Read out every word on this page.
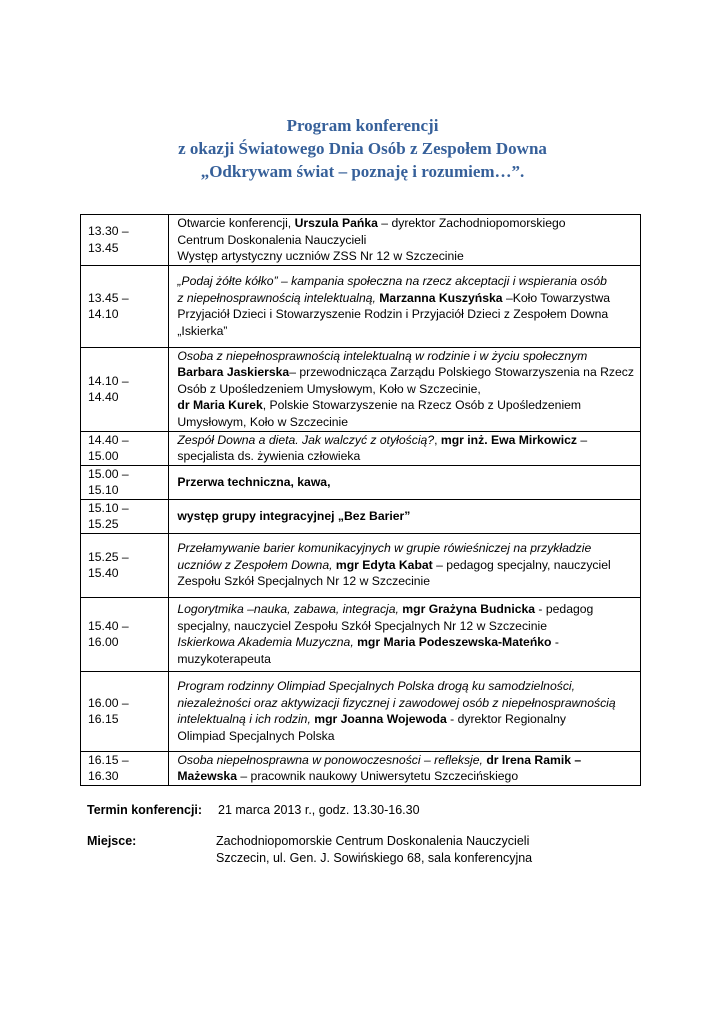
Program konferencji
z okazji Światowego Dnia Osób z Zespołem Downa
„Odkrywam świat – poznaję i rozumiem…”.
13.30 – 13.45	Otwarcie konferencji, Urszula Pańka – dyrektor Zachodniopomorskiego
Centrum Doskonalenia Nauczycieli
Występ artystyczny uczniów ZSS Nr 12 w Szczecinie

13.45 – 14.10	„Podaj żółte kółko” – kampania społeczna na rzecz akceptacji i wspierania osób
z niepełnosprawnością intelektualną, Marzanna Kuszyńska –Koło Towarzystwa
Przyjaciół Dzieci i Stowarzyszenie Rodzin i Przyjaciół Dzieci z Zespołem Downa
„Iskierka”

14.10 – 14.40	Osoba z niepełnosprawnością intelektualną w rodzinie i w życiu społecznym
Barbara Jaskierska– przewodnicząca Zarządu Polskiego Stowarzyszenia na Rzecz
Osób z Upośledzeniem Umysłowym, Koło w Szczecinie,
dr Maria Kurek, Polskie Stowarzyszenie na Rzecz Osób z Upośledzeniem
Umysłowym, Koło w Szczecinie

14.40 – 15.00	Zespół Downa a dieta. Jak walczyć z otyłością?, mgr inż. Ewa Mirkowicz –
specjalista ds. żywienia człowieka

15.00 – 15.10	Przerwa techniczna, kawa,
15.10 – 15.25	występ grupy integracyjnej „Bez Barier”
15.25 – 15.40	Przełamywanie barier komunikacyjnych w grupie rówieśniczej na przykładzie
uczniów z Zespołem Downa, mgr Edyta Kabat – pedagog specjalny, nauczyciel
Zespołu Szkół Specjalnych Nr 12 w Szczecinie

15.40 – 16.00	Logorytmika –nauka, zabawa, integracja, mgr Grażyna Budnicka - pedagog
specjalny, nauczyciel Zespołu Szkół Specjalnych Nr 12 w Szczecinie
Iskierkowa Akademia Muzyczna, mgr Maria Podeszewska-Mateńko -
muzykoterapeuta

16.00 – 16.15	Program rodzinny Olimpiad Specjalnych Polska drogą ku samodzielności,
niezależności oraz aktywizacji fizycznej i zawodowej osób z niepełnosprawnością
intelektualną i ich rodzin, mgr Joanna Wojewoda - dyrektor Regionalny
Olimpiad Specjalnych Polska

16.15 – 16.30	Osoba niepełnosprawna w ponowoczesności – refleksje, dr Irena Ramik –
Mażewska – pracownik naukowy Uniwersytetu Szczecińskiego
Termin konferencji: 21 marca 2013 r., godz. 13.30-16.30
Miejsce:	Zachodniopomorskie Centrum Doskonalenia Nauczycieli
Szczecin, ul. Gen. J. Sowińskiego 68, sala konferencyjna
